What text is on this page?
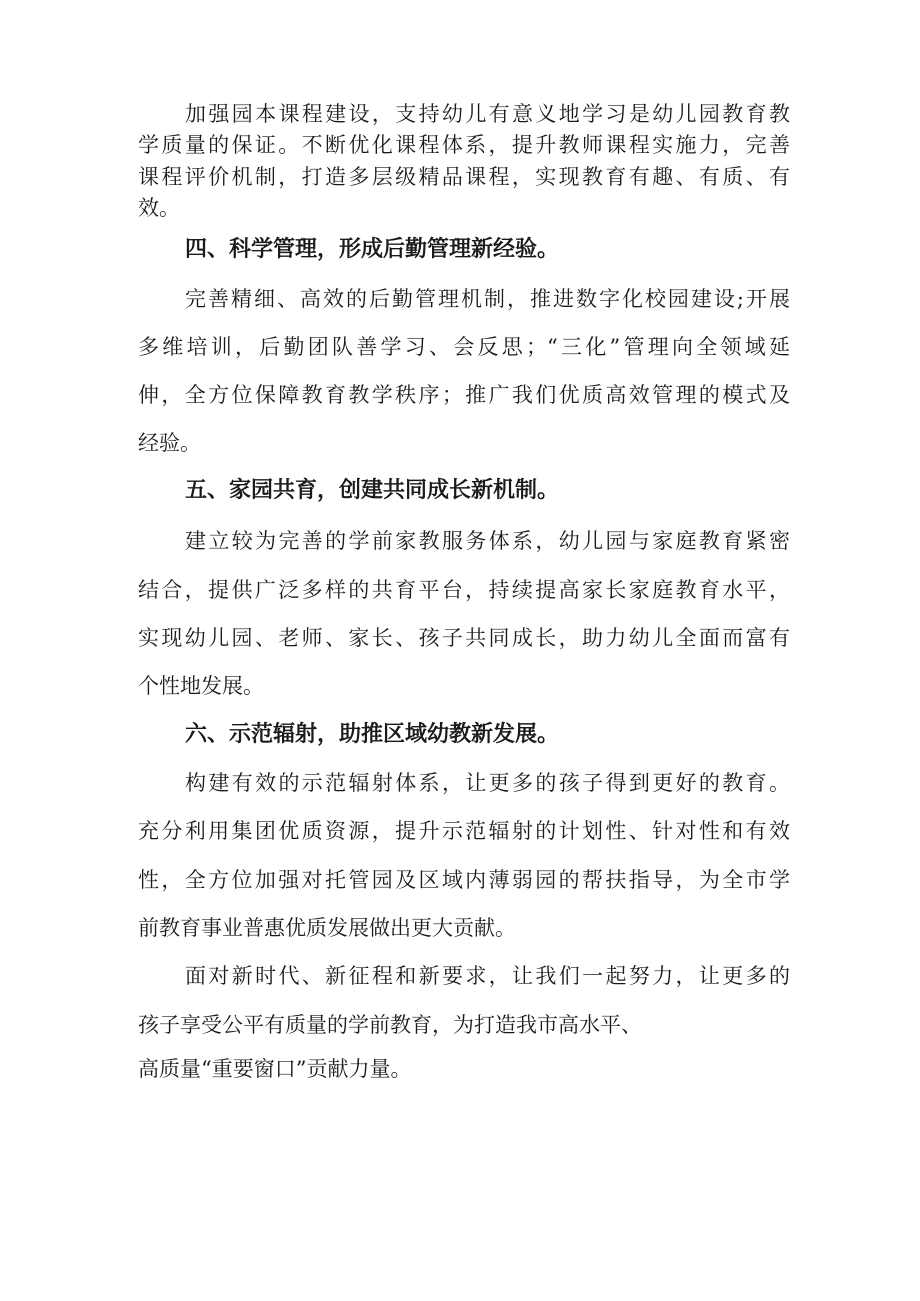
加强园本课程建设，支持幼儿有意义地学习是幼儿园教育教

学质量的保证。不断优化课程体系，提升教师课程实施力，完善

课程评价机制，打造多层级精品课程，实现教育有趣、有质、有

效。

四、科学管理，形成后勤管理新经验。

完善精细、高效的后勤管理机制，推进数字化校园建设;开展

多维培训，后勤团队善学习、会反思；“三化”管理向全领域延

伸，全方位保障教育教学秩序；推广我们优质高效管理的模式及

经验。

五、家园共育，创建共同成长新机制。

建立较为完善的学前家教服务体系，幼儿园与家庭教育紧密

结合，提供广泛多样的共育平台，持续提高家长家庭教育水平，

实现幼儿园、老师、家长、孩子共同成长，助力幼儿全面而富有

个性地发展。

六、示范辐射，助推区域幼教新发展。

构建有效的示范辐射体系，让更多的孩子得到更好的教育。

充分利用集团优质资源，提升示范辐射的计划性、针对性和有效

性，全方位加强对托管园及区域内薄弱园的帮扶指导，为全市学

前教育事业普惠优质发展做出更大贡献。

面对新时代、新征程和新要求，让我们一起努力，让更多的

孩子享受公平有质量的学前教育，为打造我市高水平、

高质量“重要窗口”贡献力量。
